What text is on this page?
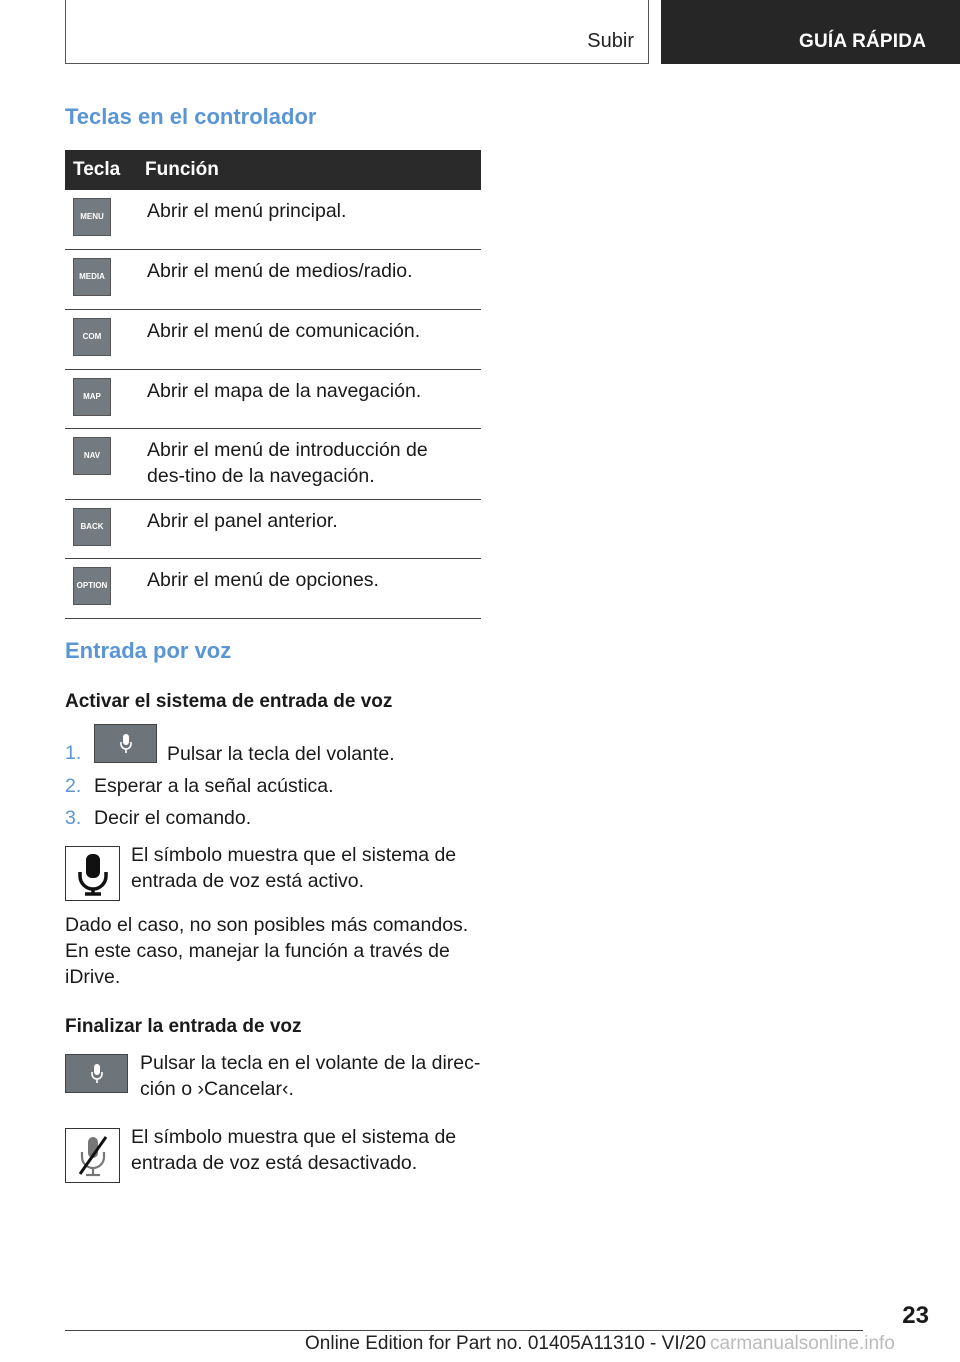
Subir	GUÍA RÁPIDA
Teclas en el controlador
Tecla	Función

MENU	Abrir el menú principal.

MEDIA	Abrir el menú de medios/radio.

COM	Abrir el menú de comunicación.

MAP	Abrir el mapa de la navegación.

NAV	Abrir el menú de introducción de des-tino de la navegación.

BACK	Abrir el panel anterior.

OPTION	Abrir el menú de opciones.
Entrada por voz
Activar el sistema de entrada de voz
1.	Pulsar la tecla del volante.
2. Esperar a la señal acústica.
3. Decir el comando.
El símbolo muestra que el sistema de
entrada de voz está activo.
Dado el caso, no son posibles más comandos.
En este caso, manejar la función a través de
iDrive.
Finalizar la entrada de voz
Pulsar la tecla en el volante de la direc-
ción o ›Cancelar‹.
El símbolo muestra que el sistema de
entrada de voz está desactivado.
23
Online Edition for Part no. 01405A11310 - VI/20 carmanualsonline.info
